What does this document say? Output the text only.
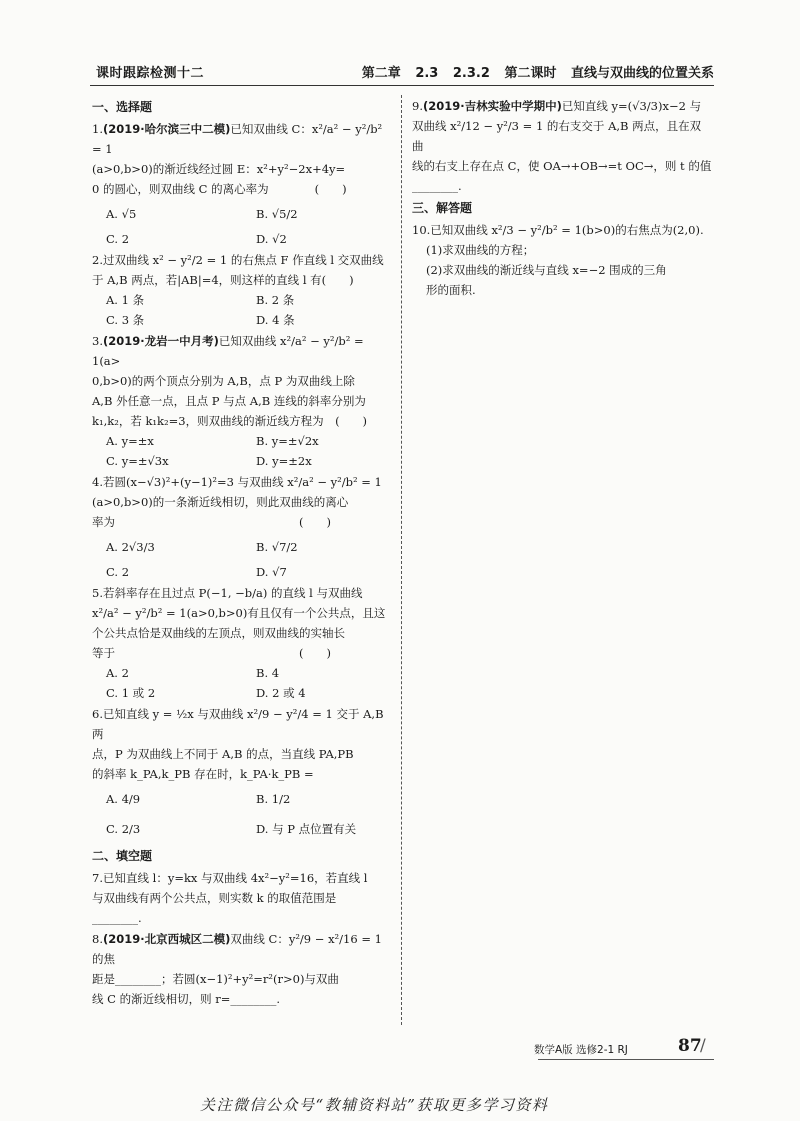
课时跟踪检测十二	第二章 2.3 2.3.2 第二课时 直线与双曲线的位置关系
一、选择题
1.(2019·哈尔滨三中二模)已知双曲线 C：x²/a² − y²/b² = 1
(a>0,b>0)的渐近线经过圆 E：x²+y²−2x+4y=
0 的圆心，则双曲线 C 的离心率为　　　　(　　)
A. √5	B. √5/2
C. 2	D. √2
2.过双曲线 x² − y²/2 = 1 的右焦点 F 作直线 l 交双曲线
于 A,B 两点，若|AB|=4，则这样的直线 l 有(　　)
A. 1 条	B. 2 条
C. 3 条	D. 4 条
3.(2019·龙岩一中月考)已知双曲线 x²/a² − y²/b² = 1(a>
0,b>0)的两个顶点分别为 A,B，点 P 为双曲线上除
A,B 外任意一点，且点 P 与点 A,B 连线的斜率分别为
k₁,k₂，若 k₁k₂=3，则双曲线的渐近线方程为　(　　)
A. y=±x	B. y=±√2x
C. y=±√3x	D. y=±2x
4.若圆(x−√3)²+(y−1)²=3 与双曲线 x²/a² − y²/b² = 1
(a>0,b>0)的一条渐近线相切，则此双曲线的离心
率为　　　　　　　　　　　　　　　　(　　)
A. 2√3/3	B. √7/2
C. 2	D. √7
5.若斜率存在且过点 P(−1, −b/a) 的直线 l 与双曲线
x²/a² − y²/b² = 1(a>0,b>0)有且仅有一个公共点，且这
个公共点恰是双曲线的左顶点，则双曲线的实轴长
等于　　　　　　　　　　　　　　　　(　　)
A. 2	B. 4
C. 1 或 2	D. 2 或 4
6.已知直线 y = ½x 与双曲线 x²/9 − y²/4 = 1 交于 A,B 两
点，P 为双曲线上不同于 A,B 的点，当直线 PA,PB
的斜率 k_PA,k_PB 存在时，k_PA·k_PB =
A. 4/9	B. 1/2
C. 2/3	D. 与 P 点位置有关
二、填空题
7.已知直线 l：y=kx 与双曲线 4x²−y²=16，若直线 l
与双曲线有两个公共点，则实数 k 的取值范围是
________.
8.(2019·北京西城区二模)双曲线 C：y²/9 − x²/16 = 1 的焦
距是________；若圆(x−1)²+y²=r²(r>0)与双曲
线 C 的渐近线相切，则 r=________.
9.(2019·吉林实验中学期中)已知直线 y=(√3/3)x−2 与
双曲线 x²/12 − y²/3 = 1 的右支交于 A,B 两点，且在双曲
线的右支上存在点 C，使 OA→+OB→=t OC→，则 t 的值
________.
三、解答题
10.已知双曲线 x²/3 − y²/b² = 1(b>0)的右焦点为(2,0).
(1)求双曲线的方程；
(2)求双曲线的渐近线与直线 x=−2 围成的三角
形的面积.
数学A版 选修2-1 RJ	87
/
关注微信公众号“教辅资料站”获取更多学习资料
